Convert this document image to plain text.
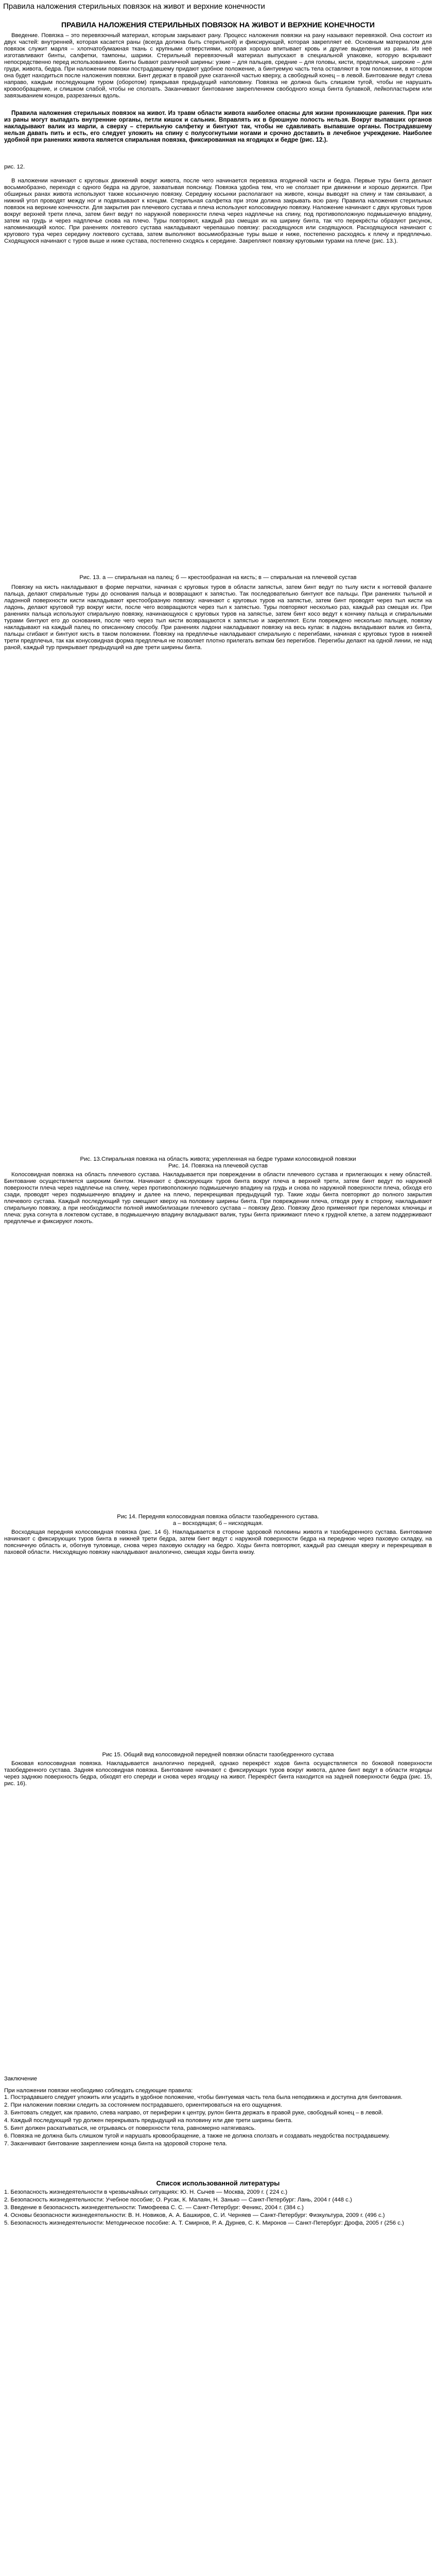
Правила наложения стерильных повязок на живот и верхние конечности
ПРАВИЛА НАЛОЖЕНИЯ СТЕРИЛЬНЫХ ПОВЯЗОК НА ЖИВОТ И ВЕРХНИЕ КОНЕЧНОСТИ

Введение. Повязка – это перевязочный материал, которым закрывают рану. Процесс наложения повязки на рану называют перевязкой. Она состоит из двух частей: внутренней, которая касается раны (всегда должна быть стерильной) и фиксирующей, которая закрепляет её. Основным материалом для повязок служит марля – хлопчатобумажная ткань с крупными отверстиями, которая хорошо впитывает кровь и другие выделения из раны. Из неё изготавливают бинты, салфетки, тампоны, шарики. Стерильный перевязочный материал выпускают в специальной упаковке, которую вскрывают непосредственно перед использованием. Бинты бывают различной ширины: узкие – для пальцев, средние – для головы, кисти, предплечья, широкие – для груди, живота, бедра. При наложении повязки пострадавшему придают удобное положение, а бинтуемую часть тела оставляют в том положении, в котором она будет находиться после наложения повязки. Бинт держат в правой руке скатанной частью кверху, а свободный конец – в левой. Бинтование ведут слева направо, каждым последующим туром (оборотом) прикрывая предыдущий наполовину. Повязка не должна быть слишком тугой, чтобы не нарушать кровообращение, и слишком слабой, чтобы не сползать. Заканчивают бинтование закреплением свободного конца бинта булавкой, лейкопластырем или завязыванием концов, разрезанных вдоль.

Правила наложения стерильных повязок на живот. Из травм области живота наиболее опасны для жизни проникающие ранения. При них из раны могут выпадать внутренние органы, петли кишок и сальник. Вправлять их в брюшную полость нельзя. Вокруг выпавших органов накладывают валик из марли, а сверху – стерильную салфетку и бинтуют так, чтобы не сдавливать выпавшие органы. Пострадавшему нельзя давать пить и есть, его следует уложить на спину с полусогнутыми ногами и срочно доставить в лечебное учреждение. Наиболее удобной при ранениях живота является спиральная повязка, фиксированная на ягодицах и бедре (рис. 12.).

рис. 12.

В наложении начинают с круговых движений вокруг живота, после чего начинается перевязка ягодичной части и бедра. Первые туры бинта делают восьмиобразно, переходя с одного бедра на другое, захватывая поясницу. Повязка удобна тем, что не сползает при движении и хорошо держится. При обширных ранах живота используют также косыночную повязку. Середину косынки располагают на животе, концы выводят на спину и там связывают, а нижний угол проводят между ног и подвязывают к концам. Стерильная салфетка при этом должна закрывать всю рану. Правила наложения стерильных повязок на верхние конечности. Для закрытия ран плечевого сустава и плеча используют колосовидную повязку. Наложение начинают с двух круговых туров вокруг верхней трети плеча, затем бинт ведут по наружной поверхности плеча через надплечье на спину, под противоположную подмышечную впадину, затем на грудь и через надплечье снова на плечо. Туры повторяют, каждый раз смещая их на ширину бинта, так что перекрёсты образуют рисунок, напоминающий колос. При ранениях локтевого сустава накладывают черепашью повязку: расходящуюся или сходящуюся. Расходящуюся начинают с кругового тура через середину локтевого сустава, затем выполняют восьмиобразные туры выше и ниже, постепенно расходясь к плечу и предплечью. Сходящуюся начинают с туров выше и ниже сустава, постепенно сходясь к середине. Закрепляют повязку круговыми турами на плече (рис. 13.).

Рис. 13. а — спиральная на палец; б — крестообразная на кисть; в — спиральная на плечевой сустав

Повязку на кисть накладывают в форме перчатки, начиная с круговых туров в области запястья, затем бинт ведут по тылу кисти к ногтевой фаланге пальца, делают спиральные туры до основания пальца и возвращают к запястью. Так последовательно бинтуют все пальцы. При ранениях тыльной и ладонной поверхности кисти накладывают крестообразную повязку: начинают с круговых туров на запястье, затем бинт проводят через тыл кисти на ладонь, делают круговой тур вокруг кисти, после чего возвращаются через тыл к запястью. Туры повторяют несколько раз, каждый раз смещая их. При ранениях пальца используют спиральную повязку, начинающуюся с круговых туров на запястье, затем бинт косо ведут к кончику пальца и спиральными турами бинтуют его до основания, после чего через тыл кисти возвращаются к запястью и закрепляют. Если повреждено несколько пальцев, повязку накладывают на каждый палец по описанному способу. При ранениях ладони накладывают повязку на весь кулак: в ладонь вкладывают валик из бинта, пальцы сгибают и бинтуют кисть в таком положении. Повязку на предплечье накладывают спиральную с перегибами, начиная с круговых туров в нижней трети предплечья, так как конусовидная форма предплечья не позволяет плотно прилегать виткам без перегибов. Перегибы делают на одной линии, не над раной, каждый тур прикрывает предыдущий на две трети ширины бинта.

Рис. 13.Спиральная повязка на область живота; укрепленная на бедре турами колосовидной повязки
Рис. 14. Повязка на плечевой сустав

Колосовидная повязка на область плечевого сустава. Накладывается при повреждении в области плечевого сустава и прилегающих к нему областей. Бинтование осуществляется широким бинтом. Начинают с фиксирующих туров бинта вокруг плеча в верхней трети, затем бинт ведут по наружной поверхности плеча через надплечье на спину, через противоположную подмышечную впадину на грудь и снова по наружной поверхности плеча, обходя его сзади, проводят через подмышечную впадину и далее на плечо, перекрещивая предыдущий тур. Такие ходы бинта повторяют до полного закрытия плечевого сустава. Каждый последующий тур смещают кверху на половину ширины бинта. При повреждении плеча, отводя руку в сторону, накладывают спиральную повязку, а при необходимости полной иммобилизации плечевого сустава – повязку Дезо. Повязку Дезо применяют при переломах ключицы и плеча: рука согнута в локтевом суставе, в подмышечную впадину вкладывают валик, туры бинта прижимают плечо к грудной клетке, а затем поддерживают предплечье и фиксируют локоть.

Рис 14. Передняя колосовидная повязка области тазобедренного сустава.
а – восходящая; б – нисходящая.

Восходящая передняя колосовидная повязка (рис. 14 б). Накладывается в стороне здоровой половины живота и тазобедренного сустава. Бинтование начинают с фиксирующих туров бинта в нижней трети бедра, затем бинт ведут с наружной поверхности бедра на переднюю через паховую складку, на поясничную область и, обогнув туловище, снова через паховую складку на бедро. Ходы бинта повторяют, каждый раз смещая кверху и перекрещивая в паховой области. Нисходящую повязку накладывают аналогично, смещая ходы бинта книзу.

Рис 15. Общий вид колосовидной передней повязки области тазобедренного сустава

Боковая колосовидная повязка. Накладывается аналогично передней, однако перекрёст ходов бинта осуществляется по боковой поверхности тазобедренного сустава. Задняя колосовидная повязка. Бинтование начинают с фиксирующих туров вокруг живота, далее бинт ведут в области ягодицы через заднюю поверхность бедра, обходят его спереди и снова через ягодицу на живот. Перекрёст бинта находится на задней поверхности бедра (рис. 15, рис. 16).

Заключение
При наложении повязки необходимо соблюдать следующие правила:
1. Пострадавшего следует уложить или усадить в удобное положение, чтобы бинтуемая часть тела была неподвижна и доступна для бинтования.
2. При наложении повязки следить за состоянием пострадавшего, ориентироваться на его ощущения.
3. Бинтовать следует, как правило, слева направо, от периферии к центру, рулон бинта держать в правой руке, свободный конец – в левой.
4. Каждый последующий тур должен перекрывать предыдущий на половину или две трети ширины бинта.
5. Бинт должен раскатываться, не отрываясь от поверхности тела, равномерно натягиваясь.
6. Повязка не должна быть слишком тугой и нарушать кровообращение, а также не должна сползать и создавать неудобства пострадавшему.
7. Заканчивают бинтование закреплением конца бинта на здоровой стороне тела.
Список использованной литературы
1. Безопасность жизнедеятельности в чрезвычайных ситуациях: Ю. Н. Сычев — Москва, 2009 г. ( 224 с.)
2. Безопасность жизнедеятельности: Учебное пособие; О. Русак, К. Малаян, Н. Занько — Санкт-Петербург: Лань, 2004 г (448 с.)
3. Введение в безопасность жизнедеятельности: Тимофеева С. С. — Санкт-Петербург: Феникс, 2004 г. (384 с.)
4. Основы безопасности жизнедеятельности: В. Н. Новиков, А. А. Башкиров, С. И. Черняев — Санкт-Петербург: Физкультура, 2009 г. (496 с.)
5. Безопасность жизнедеятельности: Методическое пособие: А. Т. Смирнов, Р. А. Дурнев, С. К. Миронов — Санкт-Петербург: Дрофа, 2005 г (256 с.)
